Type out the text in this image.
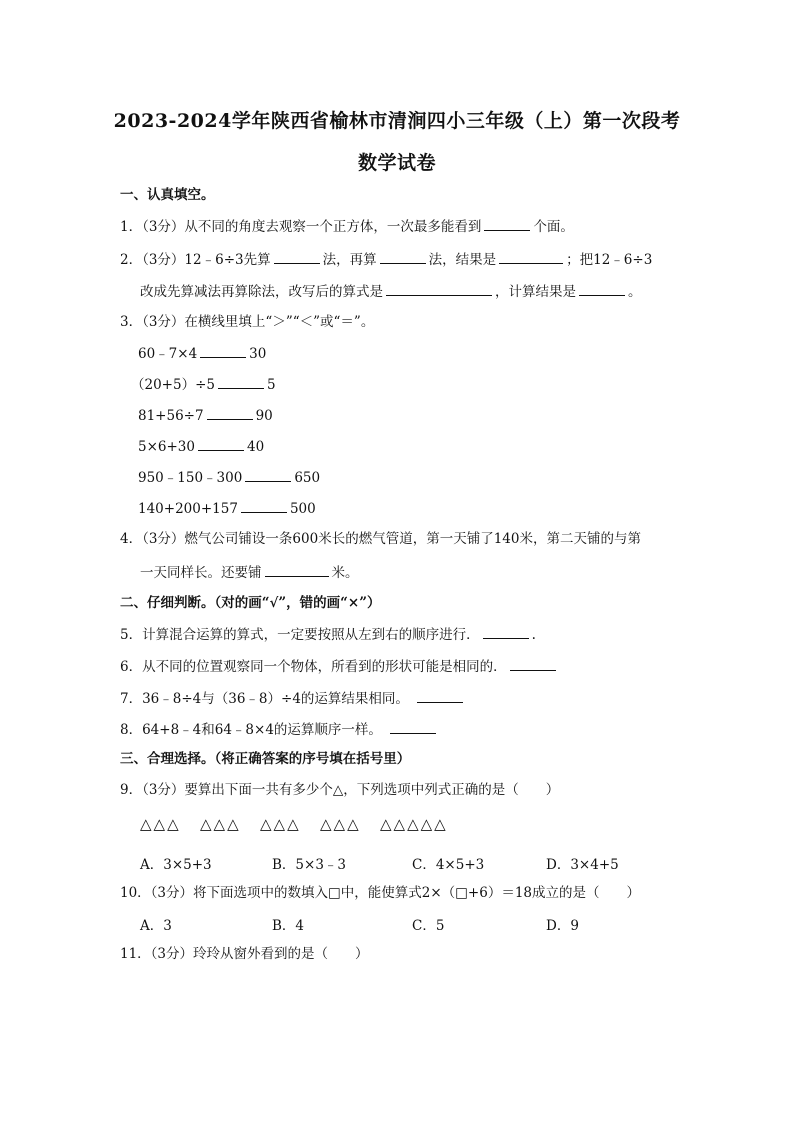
2023-2024学年陕西省榆林市清涧四小三年级（上）第一次段考
数学试卷
一、认真填空。
1．（3分）从不同的角度去观察一个正方体，一次最多能看到	个面。
2．（3分）12﹣6÷3先算	法，再算	法，结果是	；把12﹣6÷3
改成先算减法再算除法，改写后的算式是	，计算结果是	。
3．（3分）在横线里填上“＞”“＜”或“＝”。
60﹣7×4	30
（20+5）÷5	5
81+56÷7	90
5×6+30	40
950﹣150﹣300	650
140+200+157	500
4．（3分）燃气公司铺设一条600米长的燃气管道，第一天铺了140米，第二天铺的与第
一天同样长。还要铺	米。
二、仔细判断。（对的画“√”，错的画“×”）
5．计算混合运算的算式，一定要按照从左到右的顺序进行．	.
6．从不同的位置观察同一个物体，所看到的形状可能是相同的．
7．36﹣8÷4与（36﹣8）÷4的运算结果相同。
8．64+8﹣4和64﹣8×4的运算顺序一样。
三、合理选择。（将正确答案的序号填在括号里）
9．（3分）要算出下面一共有多少个△，下列选项中列式正确的是（　　）
△△△ △△△ △△△ △△△ △△△△△
A．3×5+3	B．5×3﹣3	C．4×5+3	D．3×4+5
10．（3分）将下面选项中的数填入□中，能使算式2×（□+6）＝18成立的是（　　）
A．3	B．4	C．5	D．9
11．（3分）玲玲从窗外看到的是（　　）
